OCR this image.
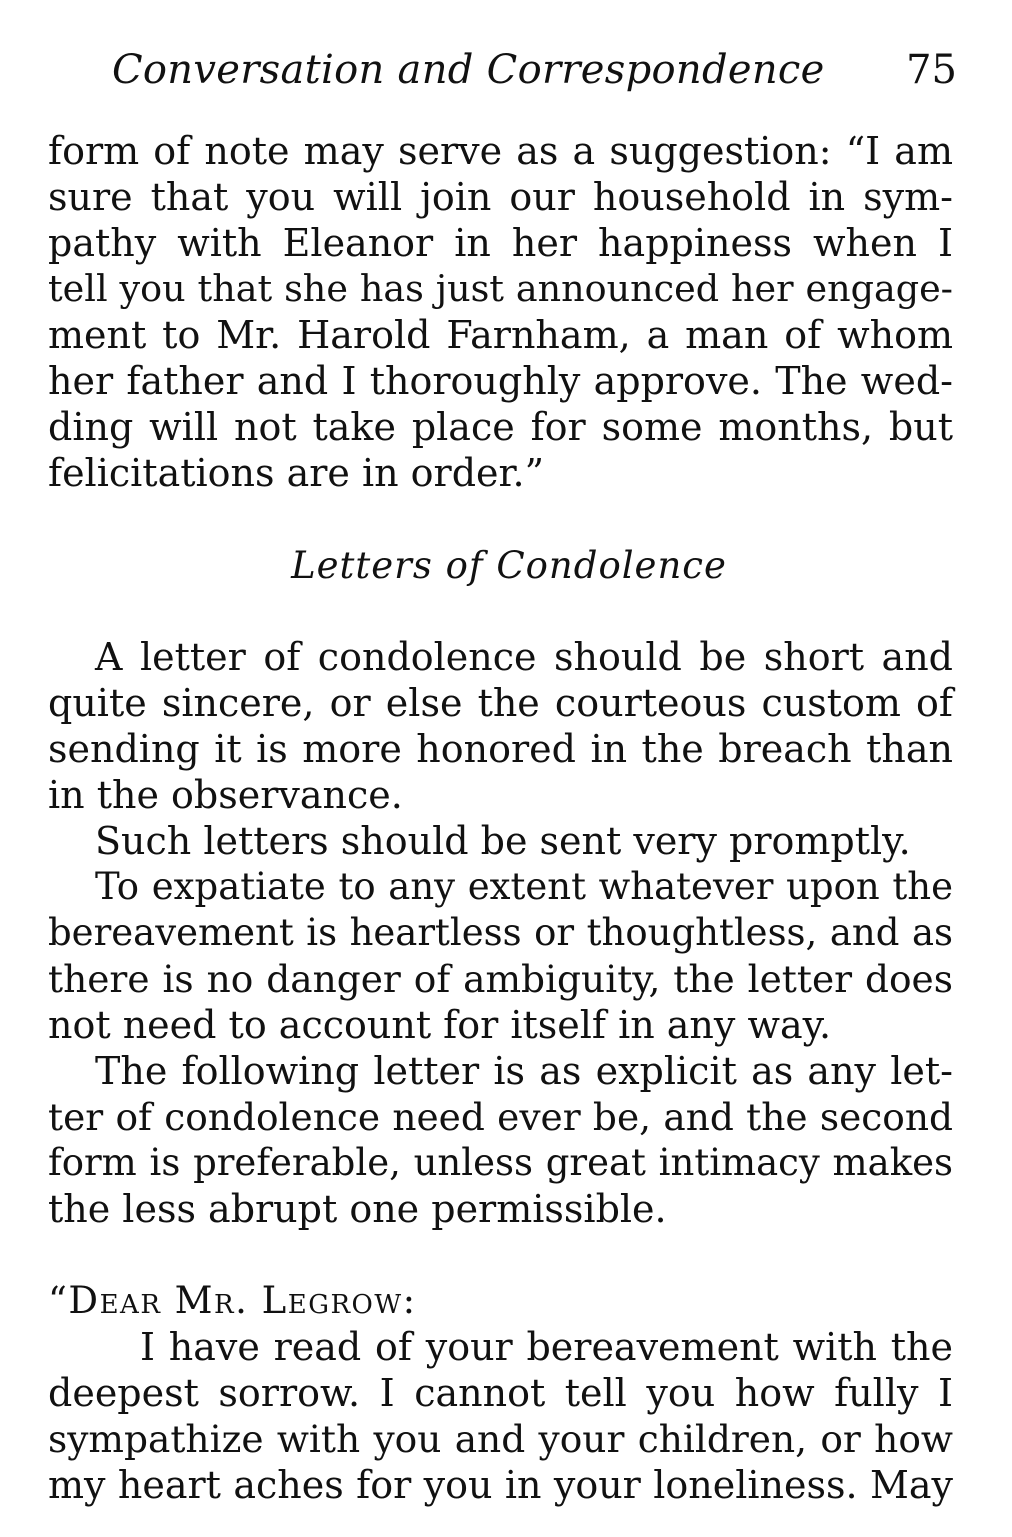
Conversation and Correspondence 75
form of note may serve as a suggestion: “I am
sure that you will join our household in sym-
pathy with Eleanor in her happiness when I
tell you that she has just announced her engage-
ment to Mr. Harold Farnham, a man of whom
her father and I thoroughly approve. The wed-
ding will not take place for some months, but
felicitations are in order.”
Letters of Condolence
A letter of condolence should be short and
quite sincere, or else the courteous custom of
sending it is more honored in the breach than
in the observance.
Such letters should be sent very promptly.
To expatiate to any extent whatever upon the
bereavement is heartless or thoughtless, and as
there is no danger of ambiguity, the letter does
not need to account for itself in any way.
The following letter is as explicit as any let-
ter of condolence need ever be, and the second
form is preferable, unless great intimacy makes
the less abrupt one permissible.
“Dear Mr. Legrow:
I have read of your bereavement with the
deepest sorrow. I cannot tell you how fully I
sympathize with you and your children, or how
my heart aches for you in your loneliness. May
